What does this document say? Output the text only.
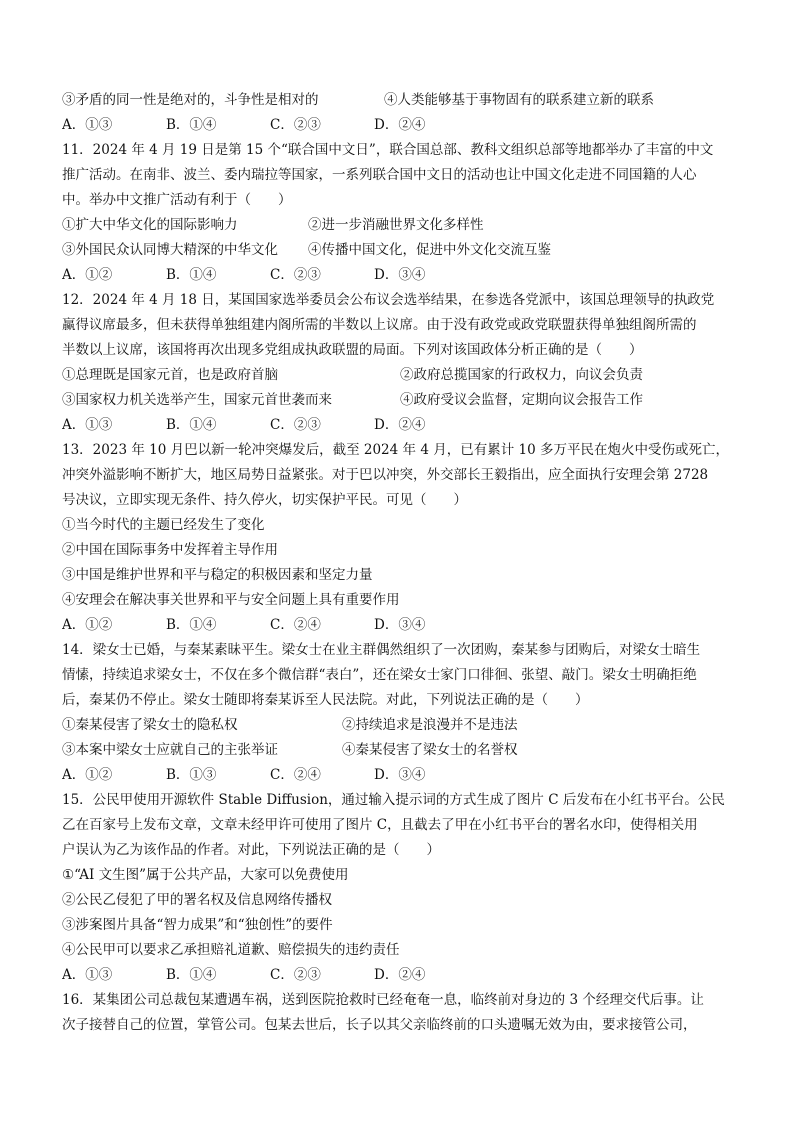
③矛盾的同一性是绝对的，斗争性是相对的	④人类能够基于事物固有的联系建立新的联系
A．①③	B．①④	C．②③	D．②④
11．2024 年 4 月 19 日是第 15 个“联合国中文日”，联合国总部、教科文组织总部等地都举办了丰富的中文
推广活动。在南非、波兰、委内瑞拉等国家，一系列联合国中文日的活动也让中国文化走进不同国籍的人心
中。举办中文推广活动有利于（　　）
①扩大中华文化的国际影响力	②进一步消融世界文化多样性
③外国民众认同博大精深的中华文化	④传播中国文化，促进中外文化交流互鉴
A．①②	B．①④	C．②③	D．③④
12．2024 年 4 月 18 日，某国国家选举委员会公布议会选举结果，在参选各党派中，该国总理领导的执政党
赢得议席最多，但未获得单独组建内阁所需的半数以上议席。由于没有政党或政党联盟获得单独组阁所需的
半数以上议席，该国将再次出现多党组成执政联盟的局面。下列对该国政体分析正确的是（　　）
①总理既是国家元首，也是政府首脑	②政府总揽国家的行政权力，向议会负责
③国家权力机关选举产生，国家元首世袭而来	④政府受议会监督，定期向议会报告工作
A．①③	B．①④	C．②③	D．②④
13．2023 年 10 月巴以新一轮冲突爆发后，截至 2024 年 4 月，已有累计 10 多万平民在炮火中受伤或死亡，
冲突外溢影响不断扩大，地区局势日益紧张。对于巴以冲突，外交部长王毅指出，应全面执行安理会第 2728
号决议，立即实现无条件、持久停火，切实保护平民。可见（　　）
①当今时代的主题已经发生了变化
②中国在国际事务中发挥着主导作用
③中国是维护世界和平与稳定的积极因素和坚定力量
④安理会在解决事关世界和平与安全问题上具有重要作用
A．①②	B．①④	C．②④	D．③④
14．梁女士已婚，与秦某素昧平生。梁女士在业主群偶然组织了一次团购，秦某参与团购后，对梁女士暗生
情愫，持续追求梁女士，不仅在多个微信群“表白”，还在梁女士家门口徘徊、张望、敲门。梁女士明确拒绝
后，秦某仍不停止。梁女士随即将秦某诉至人民法院。对此，下列说法正确的是（　　）
①秦某侵害了梁女士的隐私权	②持续追求是浪漫并不是违法
③本案中梁女士应就自己的主张举证	④秦某侵害了梁女士的名誉权
A．①②	B．①③	C．②④	D．③④
15．公民甲使用开源软件 Stable Diffusion，通过输入提示词的方式生成了图片 C 后发布在小红书平台。公民
乙在百家号上发布文章，文章未经甲许可使用了图片 C，且截去了甲在小红书平台的署名水印，使得相关用
户误认为乙为该作品的作者。对此，下列说法正确的是（　　）
①“AI 文生图”属于公共产品，大家可以免费使用
②公民乙侵犯了甲的署名权及信息网络传播权
③涉案图片具备“智力成果”和“独创性”的要件
④公民甲可以要求乙承担赔礼道歉、赔偿损失的违约责任
A．①③	B．①④	C．②③	D．②④
16．某集团公司总裁包某遭遇车祸，送到医院抢救时已经奄奄一息，临终前对身边的 3 个经理交代后事。让
次子接替自己的位置，掌管公司。包某去世后，长子以其父亲临终前的口头遗嘱无效为由，要求接管公司，
